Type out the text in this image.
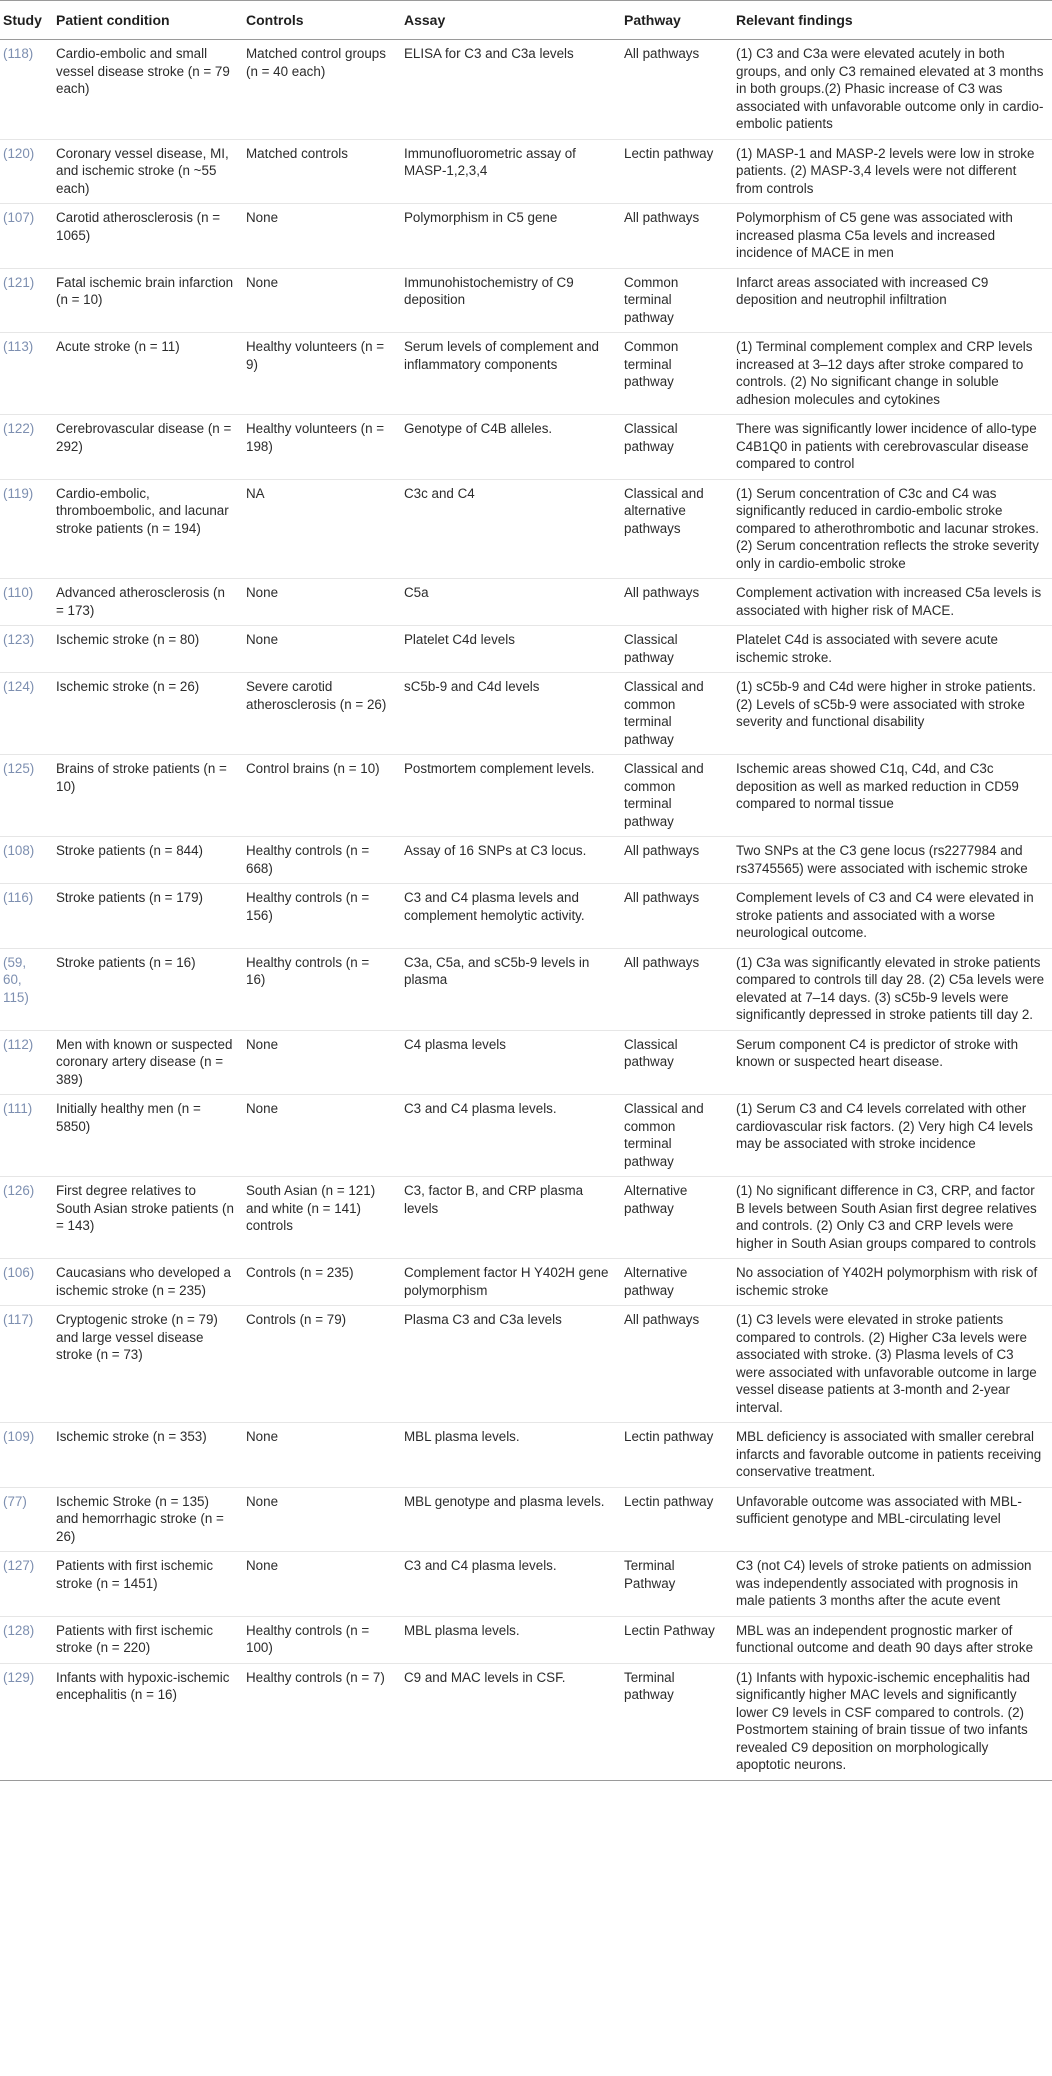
Study	Patient condition	Controls	Assay	Pathway	Relevant findings
(118)	Cardio-embolic and small vessel disease stroke (n = 79 each)	Matched control groups (n = 40 each)	ELISA for C3 and C3a levels	All pathways	(1) C3 and C3a were elevated acutely in both groups, and only C3 remained elevated at 3 months in both groups.(2) Phasic increase of C3 was associated with unfavorable outcome only in cardio-embolic patients
(120)	Coronary vessel disease, MI, and ischemic stroke (n ~55 each)	Matched controls	Immunofluorometric assay of MASP-1,2,3,4	Lectin pathway	(1) MASP-1 and MASP-2 levels were low in stroke patients. (2) MASP-3,4 levels were not different from controls
(107)	Carotid atherosclerosis (n = 1065)	None	Polymorphism in C5 gene	All pathways	Polymorphism of C5 gene was associated with increased plasma C5a levels and increased incidence of MACE in men
(121)	Fatal ischemic brain infarction (n = 10)	None	Immunohistochemistry of C9 deposition	Common terminal pathway	Infarct areas associated with increased C9 deposition and neutrophil infiltration
(113)	Acute stroke (n = 11)	Healthy volunteers (n = 9)	Serum levels of complement and inflammatory components	Common terminal pathway	(1) Terminal complement complex and CRP levels increased at 3–12 days after stroke compared to controls. (2) No significant change in soluble adhesion molecules and cytokines
(122)	Cerebrovascular disease (n = 292)	Healthy volunteers (n = 198)	Genotype of C4B alleles.	Classical pathway	There was significantly lower incidence of allo-type C4B1Q0 in patients with cerebrovascular disease compared to control
(119)	Cardio-embolic, thromboembolic, and lacunar stroke patients (n = 194)	NA	C3c and C4	Classical and alternative pathways	(1) Serum concentration of C3c and C4 was significantly reduced in cardio-embolic stroke compared to atherothrombotic and lacunar strokes. (2) Serum concentration reflects the stroke severity only in cardio-embolic stroke
(110)	Advanced atherosclerosis (n = 173)	None	C5a	All pathways	Complement activation with increased C5a levels is associated with higher risk of MACE.
(123)	Ischemic stroke (n = 80)	None	Platelet C4d levels	Classical pathway	Platelet C4d is associated with severe acute ischemic stroke.
(124)	Ischemic stroke (n = 26)	Severe carotid atherosclerosis (n = 26)	sC5b-9 and C4d levels	Classical and common terminal pathway	(1) sC5b-9 and C4d were higher in stroke patients. (2) Levels of sC5b-9 were associated with stroke severity and functional disability
(125)	Brains of stroke patients (n = 10)	Control brains (n = 10)	Postmortem complement levels.	Classical and common terminal pathway	Ischemic areas showed C1q, C4d, and C3c deposition as well as marked reduction in CD59 compared to normal tissue
(108)	Stroke patients (n = 844)	Healthy controls (n = 668)	Assay of 16 SNPs at C3 locus.	All pathways	Two SNPs at the C3 gene locus (rs2277984 and rs3745565) were associated with ischemic stroke
(116)	Stroke patients (n = 179)	Healthy controls (n = 156)	C3 and C4 plasma levels and complement hemolytic activity.	All pathways	Complement levels of C3 and C4 were elevated in stroke patients and associated with a worse neurological outcome.
(59, 60, 115)	Stroke patients (n = 16)	Healthy controls (n = 16)	C3a, C5a, and sC5b-9 levels in plasma	All pathways	(1) C3a was significantly elevated in stroke patients compared to controls till day 28. (2) C5a levels were elevated at 7–14 days. (3) sC5b-9 levels were significantly depressed in stroke patients till day 2.
(112)	Men with known or suspected coronary artery disease (n = 389)	None	C4 plasma levels	Classical pathway	Serum component C4 is predictor of stroke with known or suspected heart disease.
(111)	Initially healthy men (n = 5850)	None	C3 and C4 plasma levels.	Classical and common terminal pathway	(1) Serum C3 and C4 levels correlated with other cardiovascular risk factors. (2) Very high C4 levels may be associated with stroke incidence
(126)	First degree relatives to South Asian stroke patients (n = 143)	South Asian (n = 121) and white (n = 141) controls	C3, factor B, and CRP plasma levels	Alternative pathway	(1) No significant difference in C3, CRP, and factor B levels between South Asian first degree relatives and controls. (2) Only C3 and CRP levels were higher in South Asian groups compared to controls
(106)	Caucasians who developed a ischemic stroke (n = 235)	Controls (n = 235)	Complement factor H Y402H gene polymorphism	Alternative pathway	No association of Y402H polymorphism with risk of ischemic stroke
(117)	Cryptogenic stroke (n = 79) and large vessel disease stroke (n = 73)	Controls (n = 79)	Plasma C3 and C3a levels	All pathways	(1) C3 levels were elevated in stroke patients compared to controls. (2) Higher C3a levels were associated with stroke. (3) Plasma levels of C3 were associated with unfavorable outcome in large vessel disease patients at 3-month and 2-year interval.
(109)	Ischemic stroke (n = 353)	None	MBL plasma levels.	Lectin pathway	MBL deficiency is associated with smaller cerebral infarcts and favorable outcome in patients receiving conservative treatment.
(77)	Ischemic Stroke (n = 135) and hemorrhagic stroke (n = 26)	None	MBL genotype and plasma levels.	Lectin pathway	Unfavorable outcome was associated with MBL-sufficient genotype and MBL-circulating level
(127)	Patients with first ischemic stroke (n = 1451)	None	C3 and C4 plasma levels.	Terminal Pathway	C3 (not C4) levels of stroke patients on admission was independently associated with prognosis in male patients 3 months after the acute event
(128)	Patients with first ischemic stroke (n = 220)	Healthy controls (n = 100)	MBL plasma levels.	Lectin Pathway	MBL was an independent prognostic marker of functional outcome and death 90 days after stroke
(129)	Infants with hypoxic-ischemic encephalitis (n = 16)	Healthy controls (n = 7)	C9 and MAC levels in CSF.	Terminal pathway	(1) Infants with hypoxic-ischemic encephalitis had significantly higher MAC levels and significantly lower C9 levels in CSF compared to controls. (2) Postmortem staining of brain tissue of two infants revealed C9 deposition on morphologically apoptotic neurons.
